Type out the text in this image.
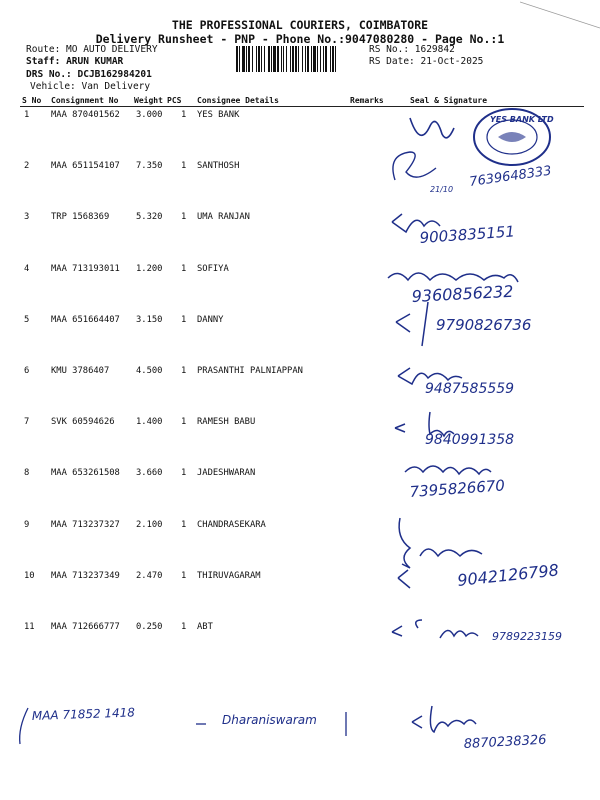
THE PROFESSIONAL COURIERS, COIMBATORE
Delivery Runsheet - PNP - Phone No.:9047080280 - Page No.:1
Route: MO AUTO DELIVERY
Staff: ARUN KUMAR
DRS No.: DCJB162984201
Vehicle: Van Delivery
RS No.: 1629842
RS Date: 21-Oct-2025
S No Consignment No Weight PCS Consignee Details	Remarks	Seal & Signature
1 MAA 870401562 3.000 1 YES BANK
2 MAA 651154107 7.350 1 SANTHOSH
3 TRP 1568369	5.320 1 UMA RANJAN
4 MAA 713193011 1.200 1 SOFIYA
5 MAA 651664407 3.150 1 DANNY
6 KMU 3786407	4.500 1 PRASANTHI PALNIAPPAN
7 SVK 60594626 1.400 1 RAMESH BABU
8 MAA 653261508 3.660 1 JADESHWARAN
9 MAA 713237327 2.100 1 CHANDRASEKARA
10 MAA 713237349 2.470 1 THIRUVAGARAM
11 MAA 712666777 0.250 1 ABT
YES BANK LTD
21/10 7639648333
9003835151
9360856232
9790826736
9487585559
9840991358
7395826670
9042126798
9789223159
MAA 71852 1418	Dharaniswaram
8870238326
